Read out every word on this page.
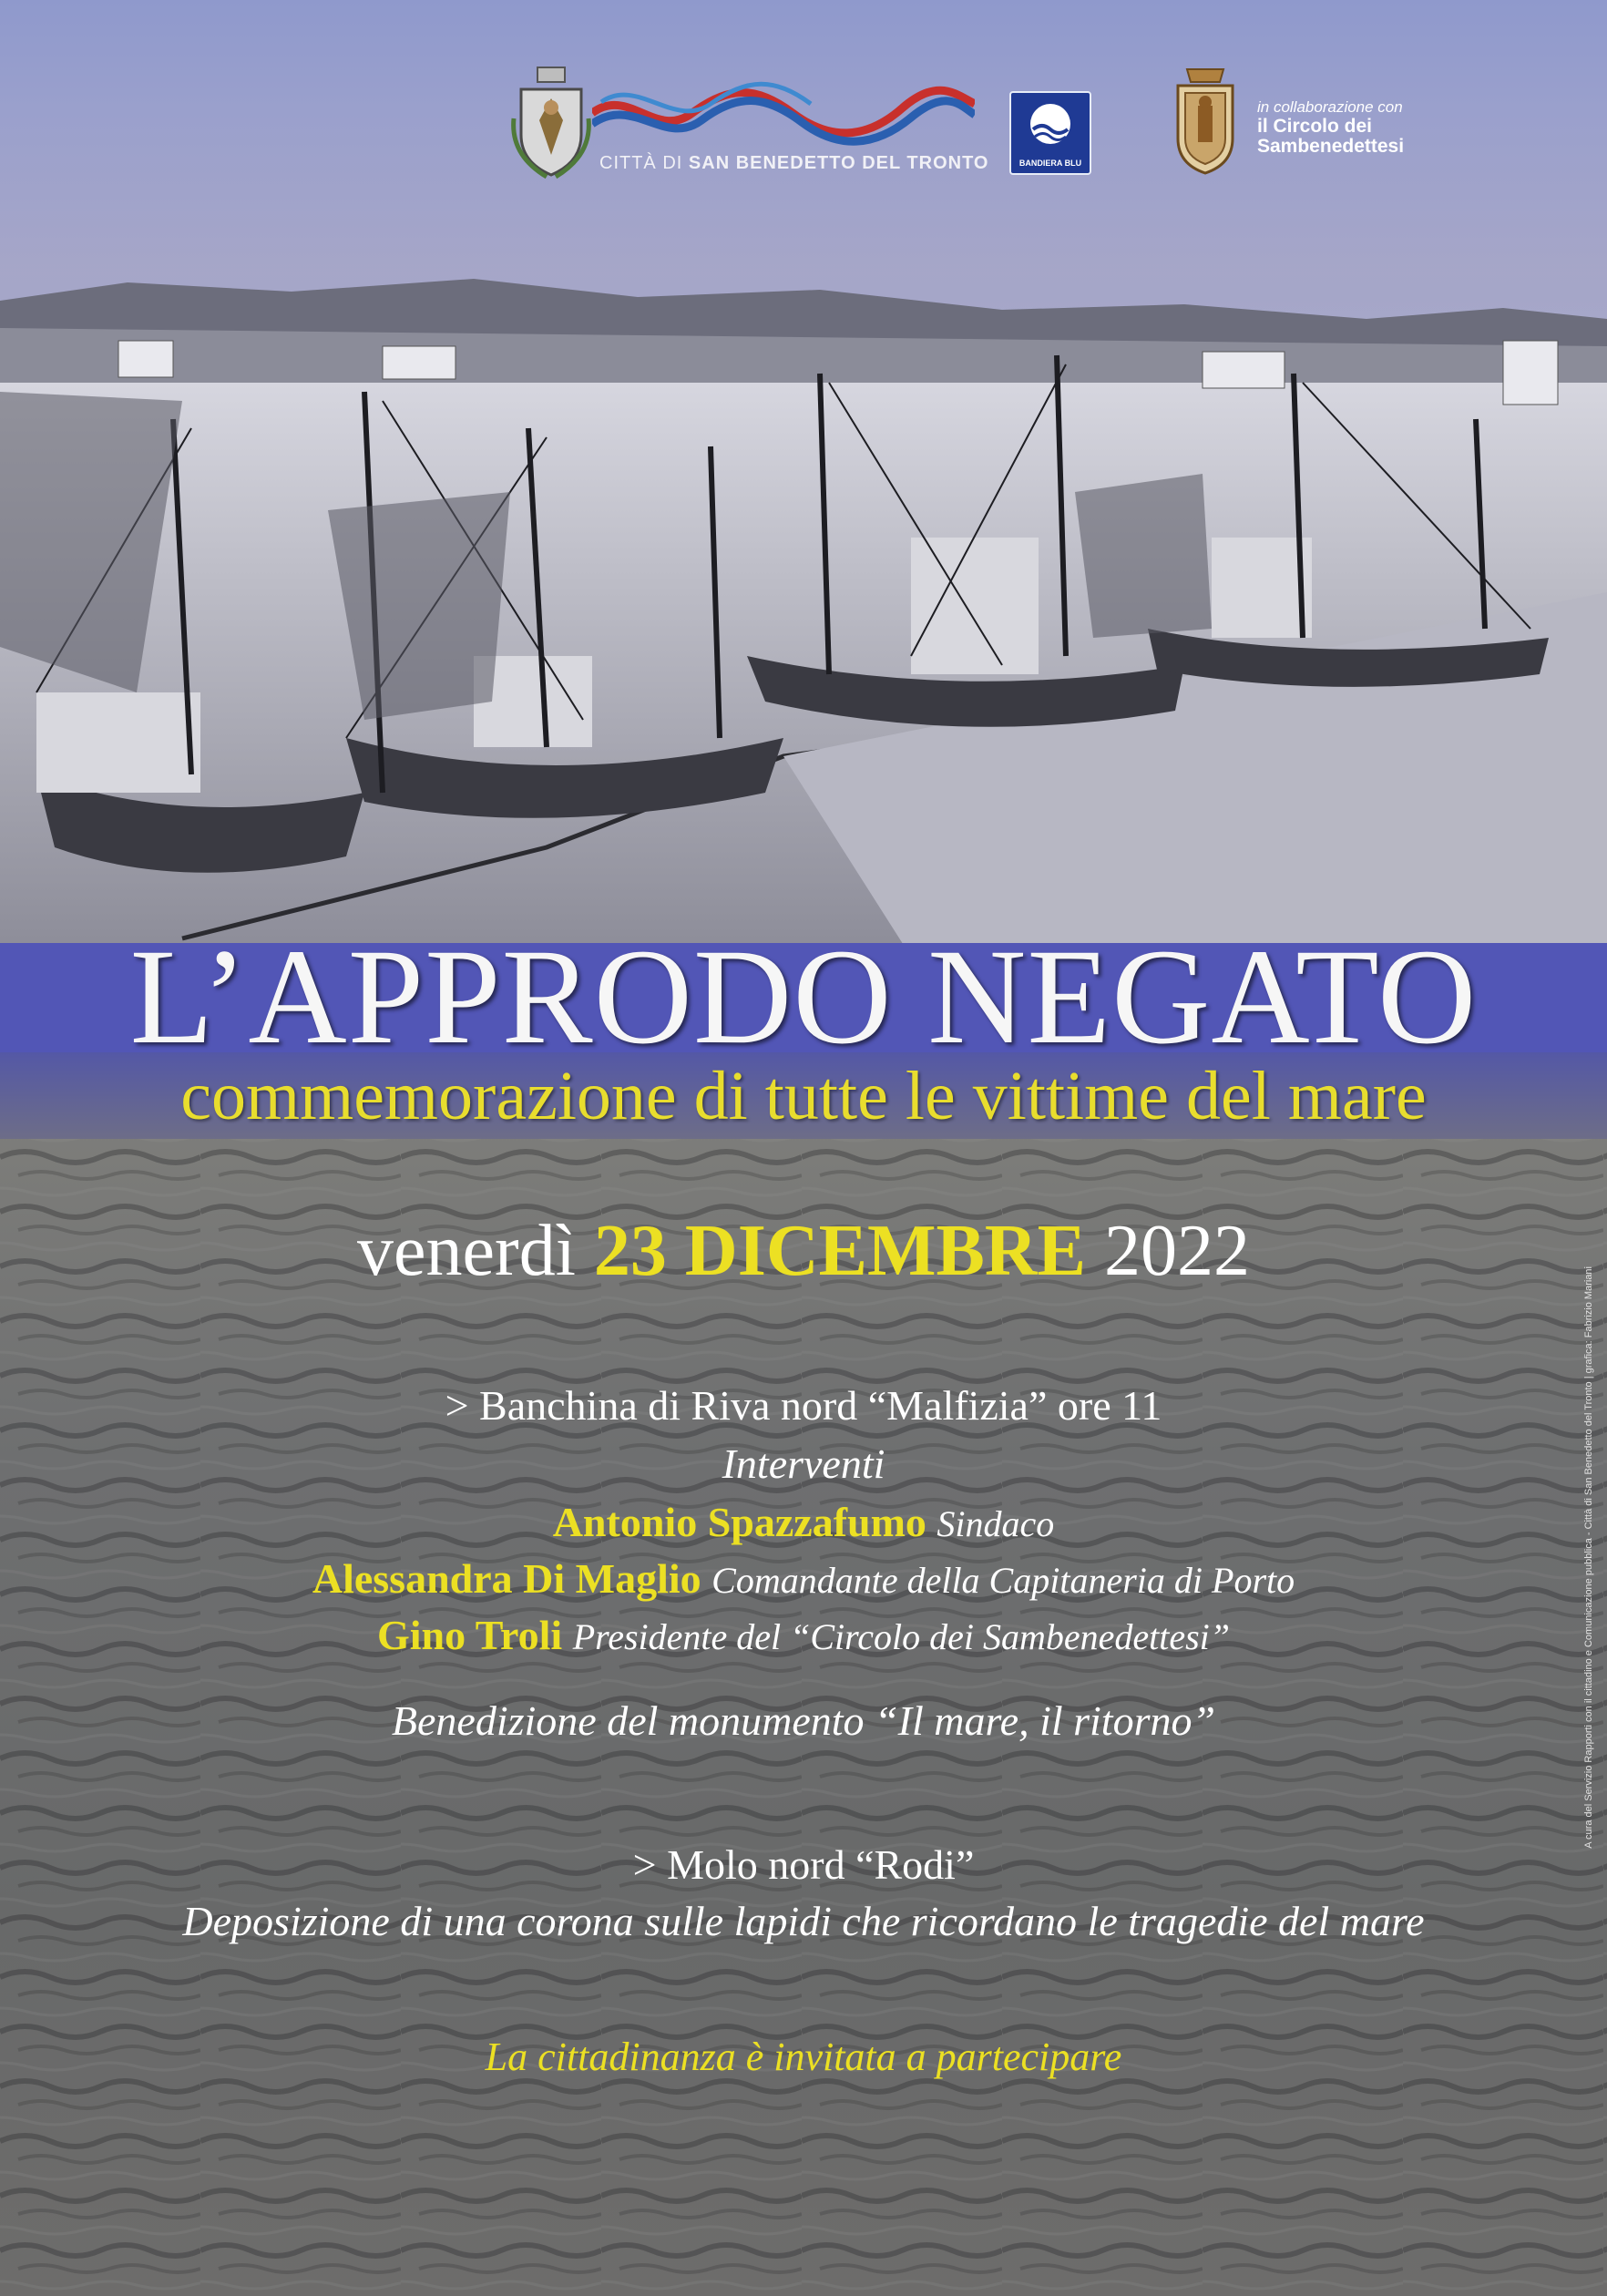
CITTÀ DI SAN BENEDETTO DEL TRONTO	BANDIERA BLU
in collaborazione con
il Circolo dei Sambenedettesi
L’APPRODO NEGATO
commemorazione di tutte le vittime del mare
venerdì 23 DICEMBRE 2022
> Banchina di Riva nord “Malfizia” ore 11
Interventi
Antonio Spazzafumo Sindaco
Alessandra Di Maglio Comandante della Capitaneria di Porto
Gino Troli Presidente del “Circolo dei Sambenedettesi”
Benedizione del monumento “Il mare, il ritorno”
> Molo nord “Rodi”
Deposizione di una corona sulle lapidi che ricordano le tragedie del mare
La cittadinanza è invitata a partecipare
A cura del Servizio Rapporti con il cittadino e Comunicazione pubblica - Città di San Benedetto del Tronto | grafica: Fabrizio Mariani
